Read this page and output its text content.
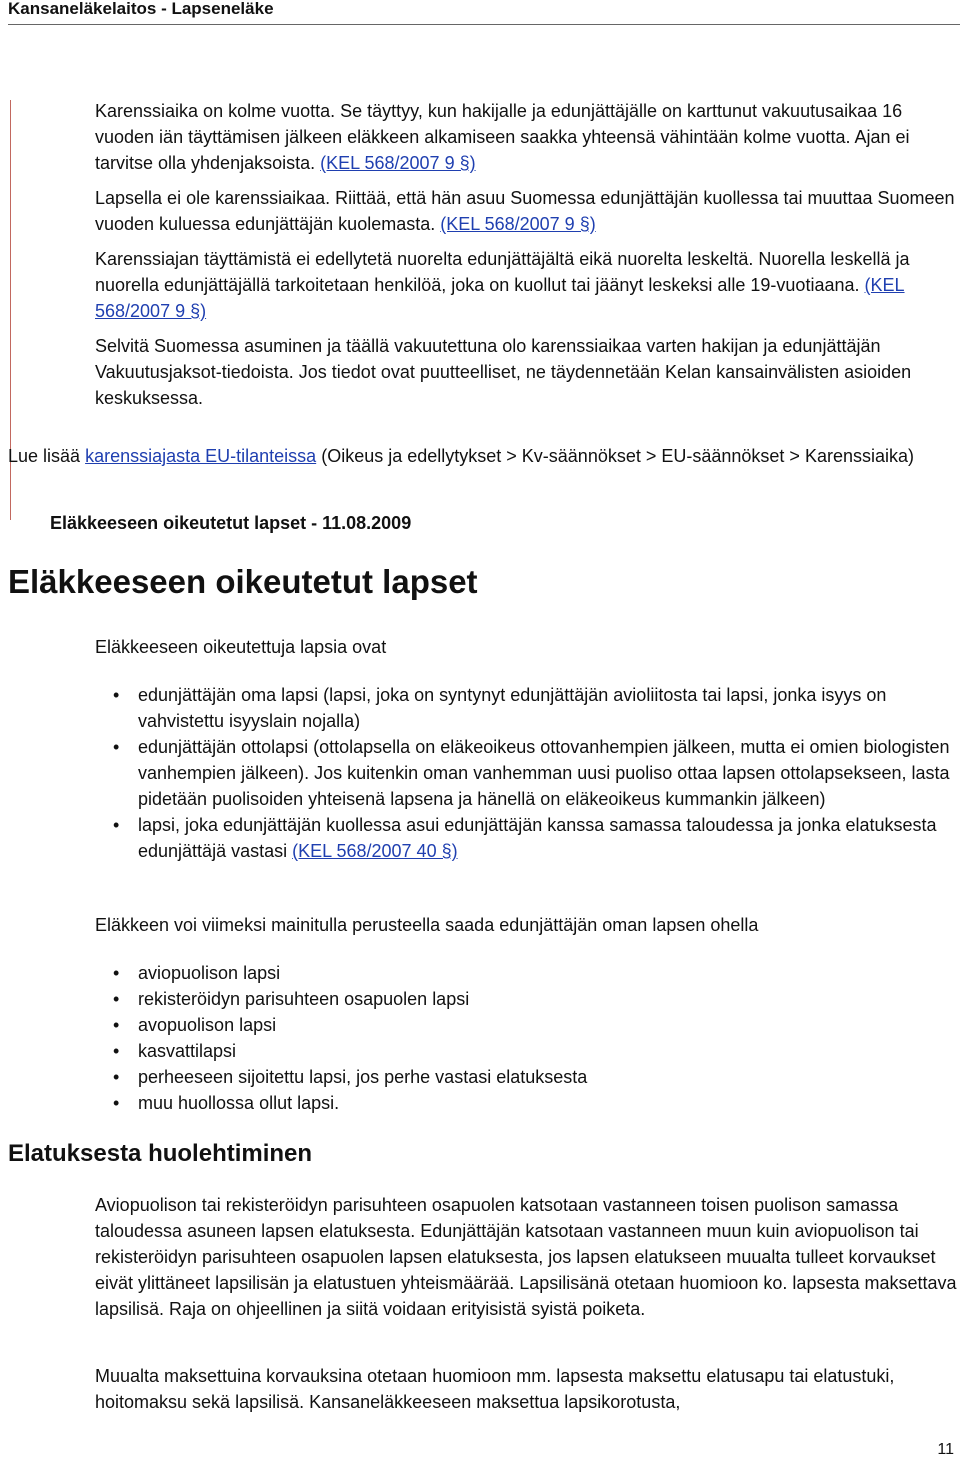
Kansaneläkelaitos - Lapseneläke

Karenssiaika on kolme vuotta. Se täyttyy, kun hakijalle ja edunjättäjälle on karttunut vakuutusaikaa 16 vuoden iän täyttämisen jälkeen eläkkeen alkamiseen saakka yhteensä vähintään kolme vuotta. Ajan ei tarvitse olla yhdenjaksoista. (KEL 568/2007 9 §)

Lapsella ei ole karenssiaikaa. Riittää, että hän asuu Suomessa edunjättäjän kuollessa tai muuttaa Suomeen vuoden kuluessa edunjättäjän kuolemasta. (KEL 568/2007 9 §)

Karenssiajan täyttämistä ei edellytetä nuorelta edunjättäjältä eikä nuorelta leskeltä. Nuorella leskellä ja nuorella edunjättäjällä tarkoitetaan henkilöä, joka on kuollut tai jäänyt leskeksi alle 19-vuotiaana. (KEL 568/2007 9 §)

Selvitä Suomessa asuminen ja täällä vakuutettuna olo karenssiaikaa varten hakijan ja edunjättäjän Vakuutusjaksot-tiedoista. Jos tiedot ovat puutteelliset, ne täydennetään Kelan kansainvälisten asioiden keskuksessa.

Lue lisää karenssiajasta EU-tilanteissa (Oikeus ja edellytykset > Kv-säännökset > EU-säännökset > Karenssiaika)

Eläkkeeseen oikeutetut lapset - 11.08.2009
Eläkkeeseen oikeutetut lapset

Eläkkeeseen oikeutettuja lapsia ovat

• edunjättäjän oma lapsi (lapsi, joka on syntynyt edunjättäjän avioliitosta tai lapsi, jonka isyys on vahvistettu isyyslain nojalla)
• edunjättäjän ottolapsi (ottolapsella on eläkeoikeus ottovanhempien jälkeen, mutta ei omien biologisten vanhempien jälkeen). Jos kuitenkin oman vanhemman uusi puoliso ottaa lapsen ottolapsekseen, lasta pidetään puolisoiden yhteisenä lapsena ja hänellä on eläkeoikeus kummankin jälkeen)
• lapsi, joka edunjättäjän kuollessa asui edunjättäjän kanssa samassa taloudessa ja jonka elatuksesta edunjättäjä vastasi (KEL 568/2007 40 §)

Eläkkeen voi viimeksi mainitulla perusteella saada edunjättäjän oman lapsen ohella

• aviopuolison lapsi
• rekisteröidyn parisuhteen osapuolen lapsi
• avopuolison lapsi
• kasvattilapsi
• perheeseen sijoitettu lapsi, jos perhe vastasi elatuksesta
• muu huollossa ollut lapsi.
Elatuksesta huolehtiminen

Aviopuolison tai rekisteröidyn parisuhteen osapuolen katsotaan vastanneen toisen puolison samassa taloudessa asuneen lapsen elatuksesta. Edunjättäjän katsotaan vastanneen muun kuin aviopuolison tai rekisteröidyn parisuhteen osapuolen lapsen elatuksesta, jos lapsen elatukseen muualta tulleet korvaukset eivät ylittäneet lapsilisän ja elatustuen yhteismäärää. Lapsilisänä otetaan huomioon ko. lapsesta maksettava lapsilisä. Raja on ohjeellinen ja siitä voidaan erityisistä syistä poiketa.

Muualta maksettuina korvauksina otetaan huomioon mm. lapsesta maksettu elatusapu tai elatustuki, hoitomaksu sekä lapsilisä. Kansaneläkkeeseen maksettua lapsikorotusta,

11
